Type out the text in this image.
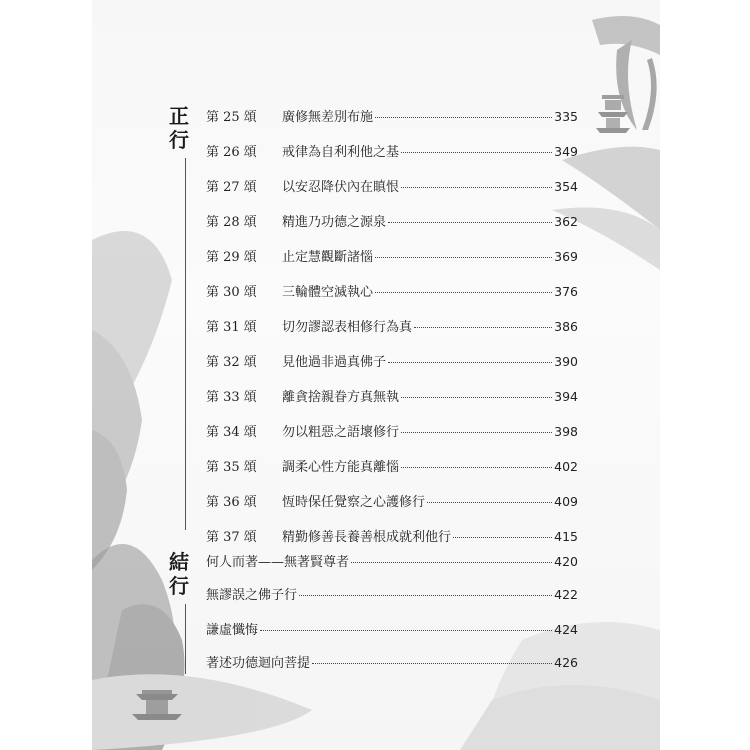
正行
結行
第 25 頌	廣修無差別布施	335
第 26 頌	戒律為自利利他之基	349
第 27 頌	以安忍降伏內在瞋恨	354
第 28 頌	精進乃功德之源泉	362
第 29 頌	止定慧觀斷諸惱	369
第 30 頌	三輪體空滅執心	376
第 31 頌	切勿謬認表相修行為真	386
第 32 頌	見他過非過真佛子	390
第 33 頌	離貪捨親眷方真無執	394
第 34 頌	勿以粗惡之語壞修行	398
第 35 頌	調柔心性方能真離惱	402
第 36 頌	恆時保任覺察之心護修行	409
第 37 頌	精勤修善長養善根成就利他行	415
何人而著——無著賢尊者	420
無謬誤之佛子行	422
謙虛懺悔	424
著述功德迴向菩提	426
